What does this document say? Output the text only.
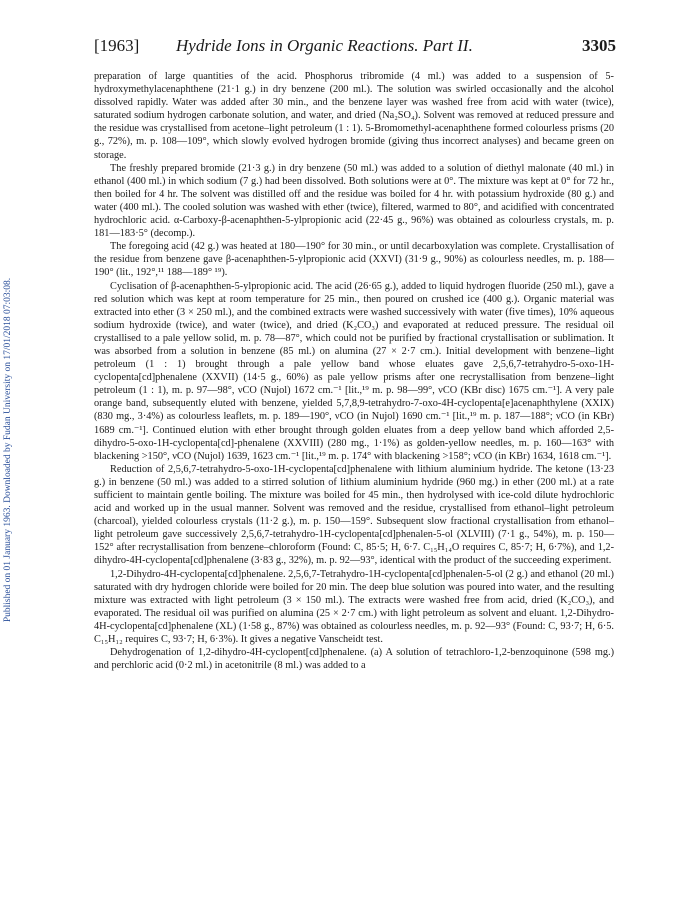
Published on 01 January 1963. Downloaded by Fudan University on 17/01/2018 07:03:08.
[1963] Hydride Ions in Organic Reactions. Part II.	3305

preparation of large quantities of the acid. Phosphorus tribromide (4 ml.) was added to a suspension of 5-hydroxymethylacenaphthene (21·1 g.) in dry benzene (200 ml.). The solution was swirled occasionally and the alcohol dissolved rapidly. Water was added after 30 min., and the benzene layer was washed free from acid with water (twice), saturated sodium hydrogen carbonate solution, and water, and dried (Na₂SO₄). Solvent was removed at reduced pressure and the residue was crystallised from acetone–light petroleum (1 : 1). 5-Bromomethyl-acenaphthene formed colourless prisms (20 g., 72%), m. p. 108—109°, which slowly evolved hydrogen bromide (giving thus incorrect analyses) and became green on storage.

The freshly prepared bromide (21·3 g.) in dry benzene (50 ml.) was added to a solution of diethyl malonate (40 ml.) in ethanol (400 ml.) in which sodium (7 g.) had been dissolved. Both solutions were at 0°. The mixture was kept at 0° for 72 hr., then boiled for 4 hr. The solvent was distilled off and the residue was boiled for 4 hr. with potassium hydroxide (80 g.) and water (400 ml.). The cooled solution was washed with ether (twice), filtered, warmed to 80°, and acidified with concentrated hydrochloric acid. α-Carboxy-β-acenaphthen-5-ylpropionic acid (22·45 g., 96%) was obtained as colourless crystals, m. p. 181—183·5° (decomp.).

The foregoing acid (42 g.) was heated at 180—190° for 30 min., or until decarboxylation was complete. Crystallisation of the residue from benzene gave β-acenaphthen-5-ylpropionic acid (XXVI) (31·9 g., 90%) as colourless needles, m. p. 188—190° (lit., 192°,¹¹ 188—189° ¹⁹).

Cyclisation of β-acenaphthen-5-ylpropionic acid. The acid (26·65 g.), added to liquid hydrogen fluoride (250 ml.), gave a red solution which was kept at room temperature for 25 min., then poured on crushed ice (400 g.). Organic material was extracted into ether (3 × 250 ml.), and the combined extracts were washed successively with water (five times), 10% aqueous sodium hydroxide (twice), and water (twice), and dried (K₂CO₃) and evaporated at reduced pressure. The residual oil crystallised to a pale yellow solid, m. p. 78—87°, which could not be purified by fractional crystallisation or sublimation. It was absorbed from a solution in benzene (85 ml.) on alumina (27 × 2·7 cm.). Initial development with benzene–light petroleum (1 : 1) brought through a pale yellow band whose eluates gave 2,5,6,7-tetrahydro-5-oxo-1H-cyclopenta[cd]phenalene (XXVII) (14·5 g., 60%) as pale yellow prisms after one recrystallisation from benzene–light petroleum (1 : 1), m. p. 97—98°, νCO (Nujol) 1672 cm.⁻¹ [lit.,¹⁹ m. p. 98—99°, νCO (KBr disc) 1675 cm.⁻¹]. A very pale orange band, subsequently eluted with benzene, yielded 5,7,8,9-tetrahydro-7-oxo-4H-cyclopenta[e]acenaphthylene (XXIX) (830 mg., 3·4%) as colourless leaflets, m. p. 189—190°, νCO (in Nujol) 1690 cm.⁻¹ [lit.,¹⁹ m. p. 187—188°; νCO (in KBr) 1689 cm.⁻¹]. Continued elution with ether brought through golden eluates from a deep yellow band which afforded 2,5-dihydro-5-oxo-1H-cyclopenta[cd]-phenalene (XXVIII) (280 mg., 1·1%) as golden-yellow needles, m. p. 160—163° with blackening >150°, νCO (Nujol) 1639, 1623 cm.⁻¹ [lit.,¹⁹ m. p. 174° with blackening >158°; νCO (in KBr) 1634, 1618 cm.⁻¹].

Reduction of 2,5,6,7-tetrahydro-5-oxo-1H-cyclopenta[cd]phenalene with lithium aluminium hydride. The ketone (13·23 g.) in benzene (50 ml.) was added to a stirred solution of lithium aluminium hydride (960 mg.) in ether (200 ml.) at a rate sufficient to maintain gentle boiling. The mixture was boiled for 45 min., then hydrolysed with ice-cold dilute hydrochloric acid and worked up in the usual manner. Solvent was removed and the residue, crystallised from ethanol–light petroleum (charcoal), yielded colourless crystals (11·2 g.), m. p. 150—159°. Subsequent slow fractional crystallisation from ethanol–light petroleum gave successively 2,5,6,7-tetrahydro-1H-cyclopenta[cd]phenalen-5-ol (XLVIII) (7·1 g., 54%), m. p. 150—152° after recrystallisation from benzene–chloroform (Found: C, 85·5; H, 6·7. C₁₅H₁₄O requires C, 85·7; H, 6·7%), and 1,2-dihydro-4H-cyclopenta[cd]phenalene (3·83 g., 32%), m. p. 92—93°, identical with the product of the succeeding experiment.

1,2-Dihydro-4H-cyclopenta[cd]phenalene. 2,5,6,7-Tetrahydro-1H-cyclopenta[cd]phenalen-5-ol (2 g.) and ethanol (20 ml.) saturated with dry hydrogen chloride were boiled for 20 min. The deep blue solution was poured into water, and the resulting mixture was extracted with light petroleum (3 × 150 ml.). The extracts were washed free from acid, dried (K₂CO₃), and evaporated. The residual oil was purified on alumina (25 × 2·7 cm.) with light petroleum as solvent and eluant. 1,2-Dihydro-4H-cyclopenta[cd]phenalene (XL) (1·58 g., 87%) was obtained as colourless needles, m. p. 92—93° (Found: C, 93·7; H, 6·5. C₁₅H₁₂ requires C, 93·7; H, 6·3%). It gives a negative Vanscheidt test.

Dehydrogenation of 1,2-dihydro-4H-cyclopent[cd]phenalene. (a) A solution of tetrachloro-1,2-benzoquinone (598 mg.) and perchloric acid (0·2 ml.) in acetonitrile (8 ml.) was added to a
